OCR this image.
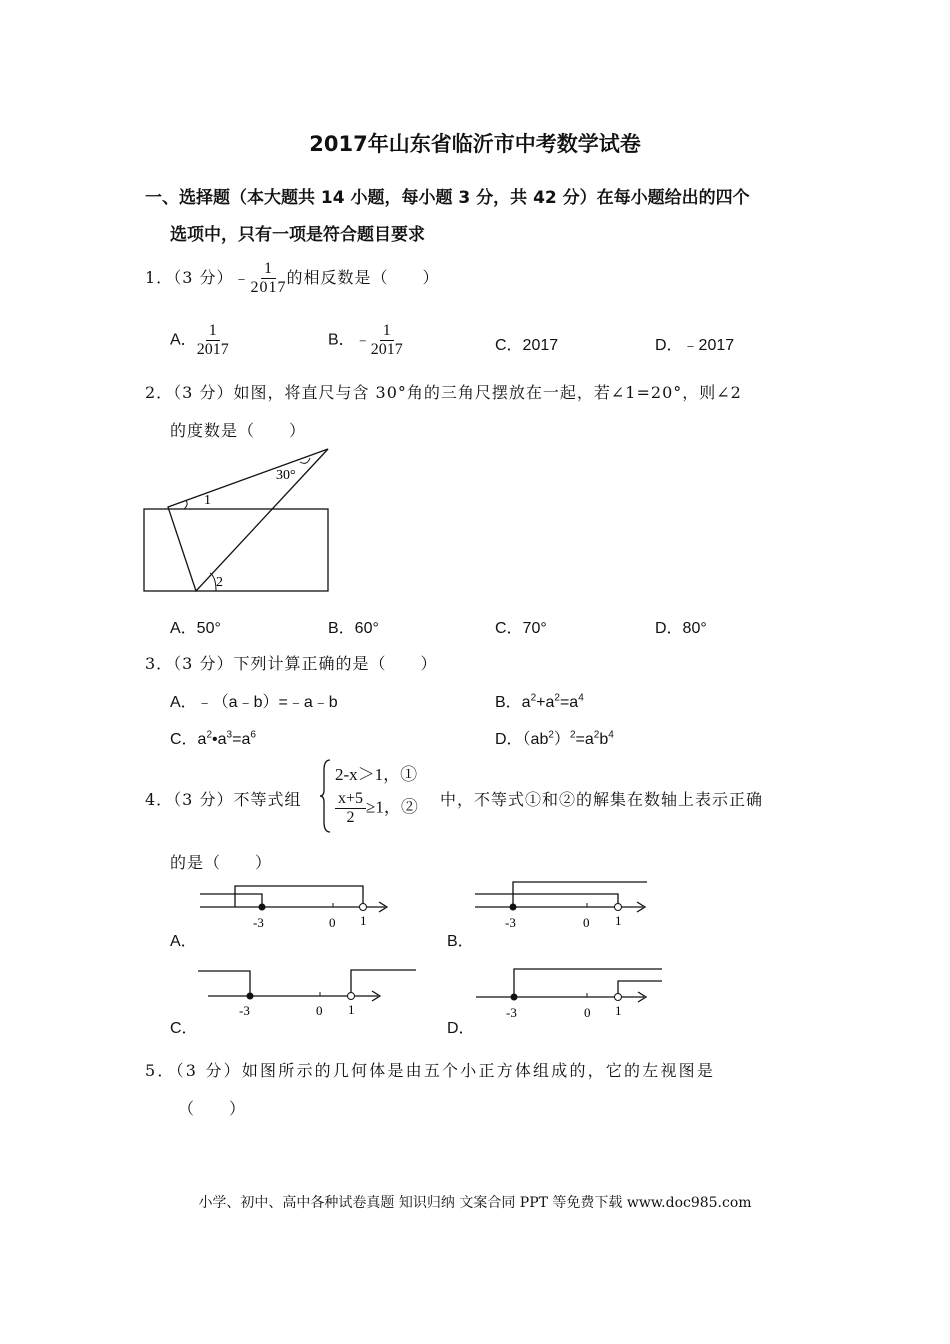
2017年山东省临沂市中考数学试卷
一、选择题（本大题共 14 小题，每小题 3 分，共 42 分）在每小题给出的四个
选项中，只有一项是符合题目要求
1．（3 分）﹣ $\frac{1}{2017}$ 的相反数是（　　）
A． $\frac{1}{2017}$	B．﹣ $\frac{1}{2017}$	C．2017	D．﹣2017
2．（3 分）如图，将直尺与含 30°角的三角尺摆放在一起，若∠1=20°，则∠2
的度数是（　　）
30°
1
2
A．50°	B．60°	C．70°	D．80°
3．（3 分）下列计算正确的是（　　）
A．﹣（a﹣b）=﹣a﹣b	B．$a^2+a^2=a^4$
C．$a^2•a^3=a^6$	D．$(ab^2)^2=a^2b^4$
4．（3 分）不等式组
2-x＞1，①
$\frac{x+5}{2} \ge 1$，② 中，不等式①和②的解集在数轴上表示正确
的是（　　）
A．
-3	0 1
B．
-3	0 1
C．
-3	0 1
D．
-3	0 1
5．（3 分）如图所示的几何体是由五个小正方体组成的，它的左视图是
（　　）
小学、初中、高中各种试卷真题 知识归纳 文案合同 PPT 等免费下载 www.doc985.com
